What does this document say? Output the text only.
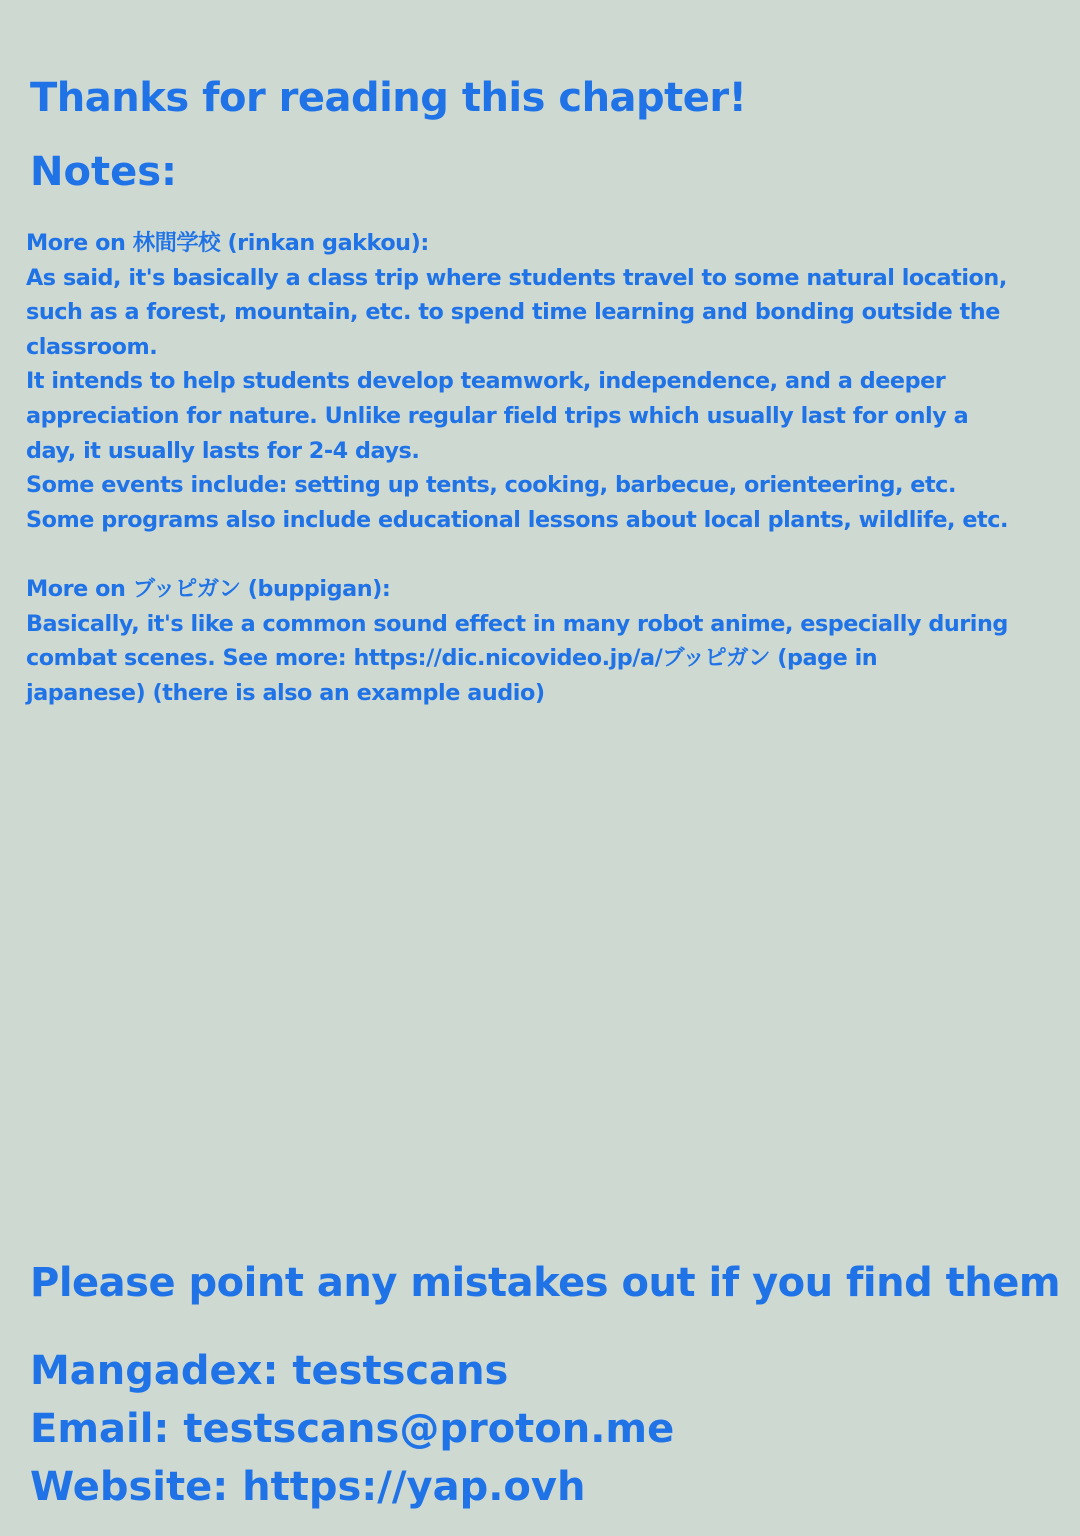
Thanks for reading this chapter!
Notes:
More on 林間学校 (rinkan gakkou):
As said, it's basically a class trip where students travel to some natural location,
such as a forest, mountain, etc. to spend time learning and bonding outside the
classroom.
It intends to help students develop teamwork, independence, and a deeper
appreciation for nature. Unlike regular field trips which usually last for only a
day, it usually lasts for 2-4 days.
Some events include: setting up tents, cooking, barbecue, orienteering, etc.
Some programs also include educational lessons about local plants, wildlife, etc.
More on ブッピガン (buppigan):
Basically, it's like a common sound effect in many robot anime, especially during
combat scenes. See more: https://dic.nicovideo.jp/a/ブッピガン (page in
japanese) (there is also an example audio)
Please point any mistakes out if you find them
Mangadex: testscans
Email: testscans@proton.me
Website: https://yap.ovh
